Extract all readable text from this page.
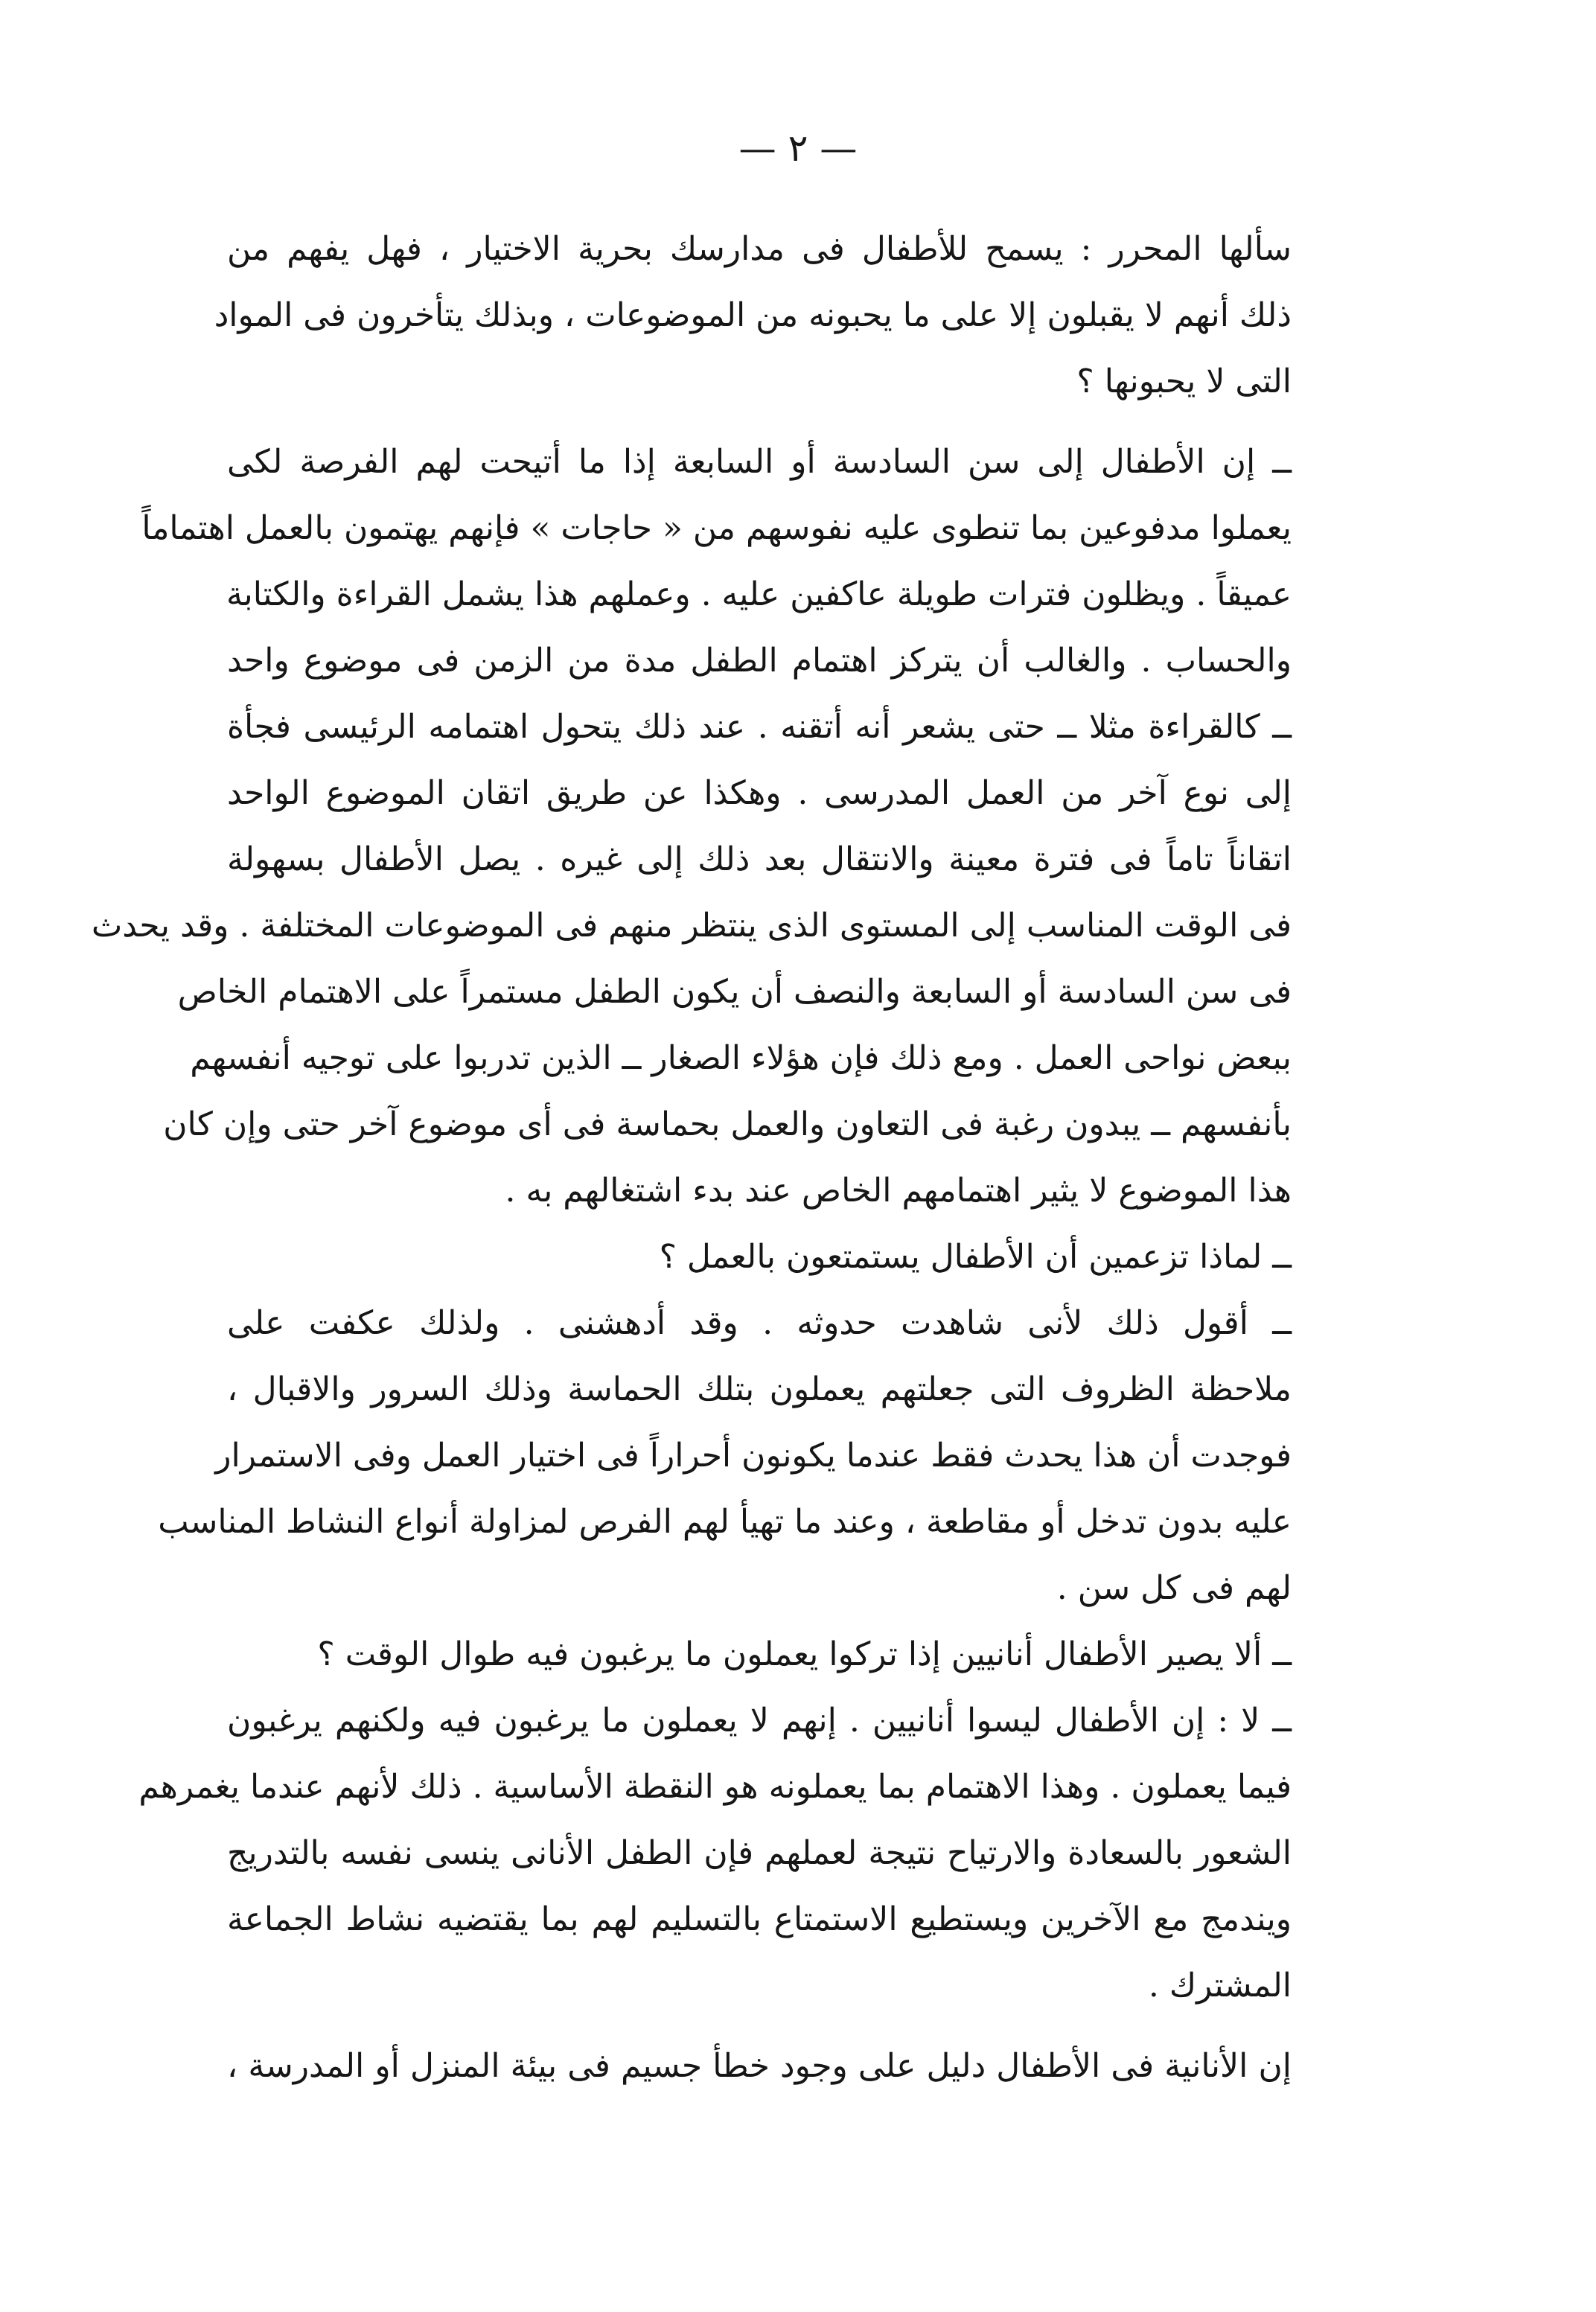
— ٢ —
سألها المحرر : يسمح للأطفال فى مدارسك بحرية الاختيار ، فهل يفهم من
ذلك أنهم لا يقبلون إلا على ما يحبونه من الموضوعات ، وبذلك يتأخرون فى المواد
التى لا يحبونها ؟
ــ إن الأطفال إلى سن السادسة أو السابعة إذا ما أتيحت لهم الفرصة لكى
يعملوا مدفوعين بما تنطوى عليه نفوسهم من « حاجات » فإنهم يهتمون بالعمل اهتماماً
عميقاً . ويظلون فترات طويلة عاكفين عليه . وعملهم هذا يشمل القراءة والكتابة
والحساب . والغالب أن يتركز اهتمام الطفل مدة من الزمن فى موضوع واحد
ــ كالقراءة مثلا ــ حتى يشعر أنه أتقنه . عند ذلك يتحول اهتمامه الرئيسى فجأة
إلى نوع آخر من العمل المدرسى . وهكذا عن طريق اتقان الموضوع الواحد
اتقاناً تاماً فى فترة معينة والانتقال بعد ذلك إلى غيره . يصل الأطفال بسهولة
فى الوقت المناسب إلى المستوى الذى ينتظر منهم فى الموضوعات المختلفة . وقد يحدث
فى سن السادسة أو السابعة والنصف أن يكون الطفل مستمراً على الاهتمام الخاص
ببعض نواحى العمل . ومع ذلك فإن هؤلاء الصغار ــ الذين تدربوا على توجيه أنفسهم
بأنفسهم ــ يبدون رغبة فى التعاون والعمل بحماسة فى أى موضوع آخر حتى وإن كان
هذا الموضوع لا يثير اهتمامهم الخاص عند بدء اشتغالهم به .
ــ لماذا تزعمين أن الأطفال يستمتعون بالعمل ؟
ــ أقول ذلك لأنى شاهدت حدوثه . وقد أدهشنى . ولذلك عكفت على
ملاحظة الظروف التى جعلتهم يعملون بتلك الحماسة وذلك السرور والاقبال ،
فوجدت أن هذا يحدث فقط عندما يكونون أحراراً فى اختيار العمل وفى الاستمرار
عليه بدون تدخل أو مقاطعة ، وعند ما تهيأ لهم الفرص لمزاولة أنواع النشاط المناسب
لهم فى كل سن .
ــ ألا يصير الأطفال أنانيين إذا تركوا يعملون ما يرغبون فيه طوال الوقت ؟
ــ لا : إن الأطفال ليسوا أنانيين . إنهم لا يعملون ما يرغبون فيه ولكنهم يرغبون
فيما يعملون . وهذا الاهتمام بما يعملونه هو النقطة الأساسية . ذلك لأنهم عندما يغمرهم
الشعور بالسعادة والارتياح نتيجة لعملهم فإن الطفل الأنانى ينسى نفسه بالتدريج
ويندمج مع الآخرين ويستطيع الاستمتاع بالتسليم لهم بما يقتضيه نشاط الجماعة
المشترك .
إن الأنانية فى الأطفال دليل على وجود خطأ جسيم فى بيئة المنزل أو المدرسة ،
